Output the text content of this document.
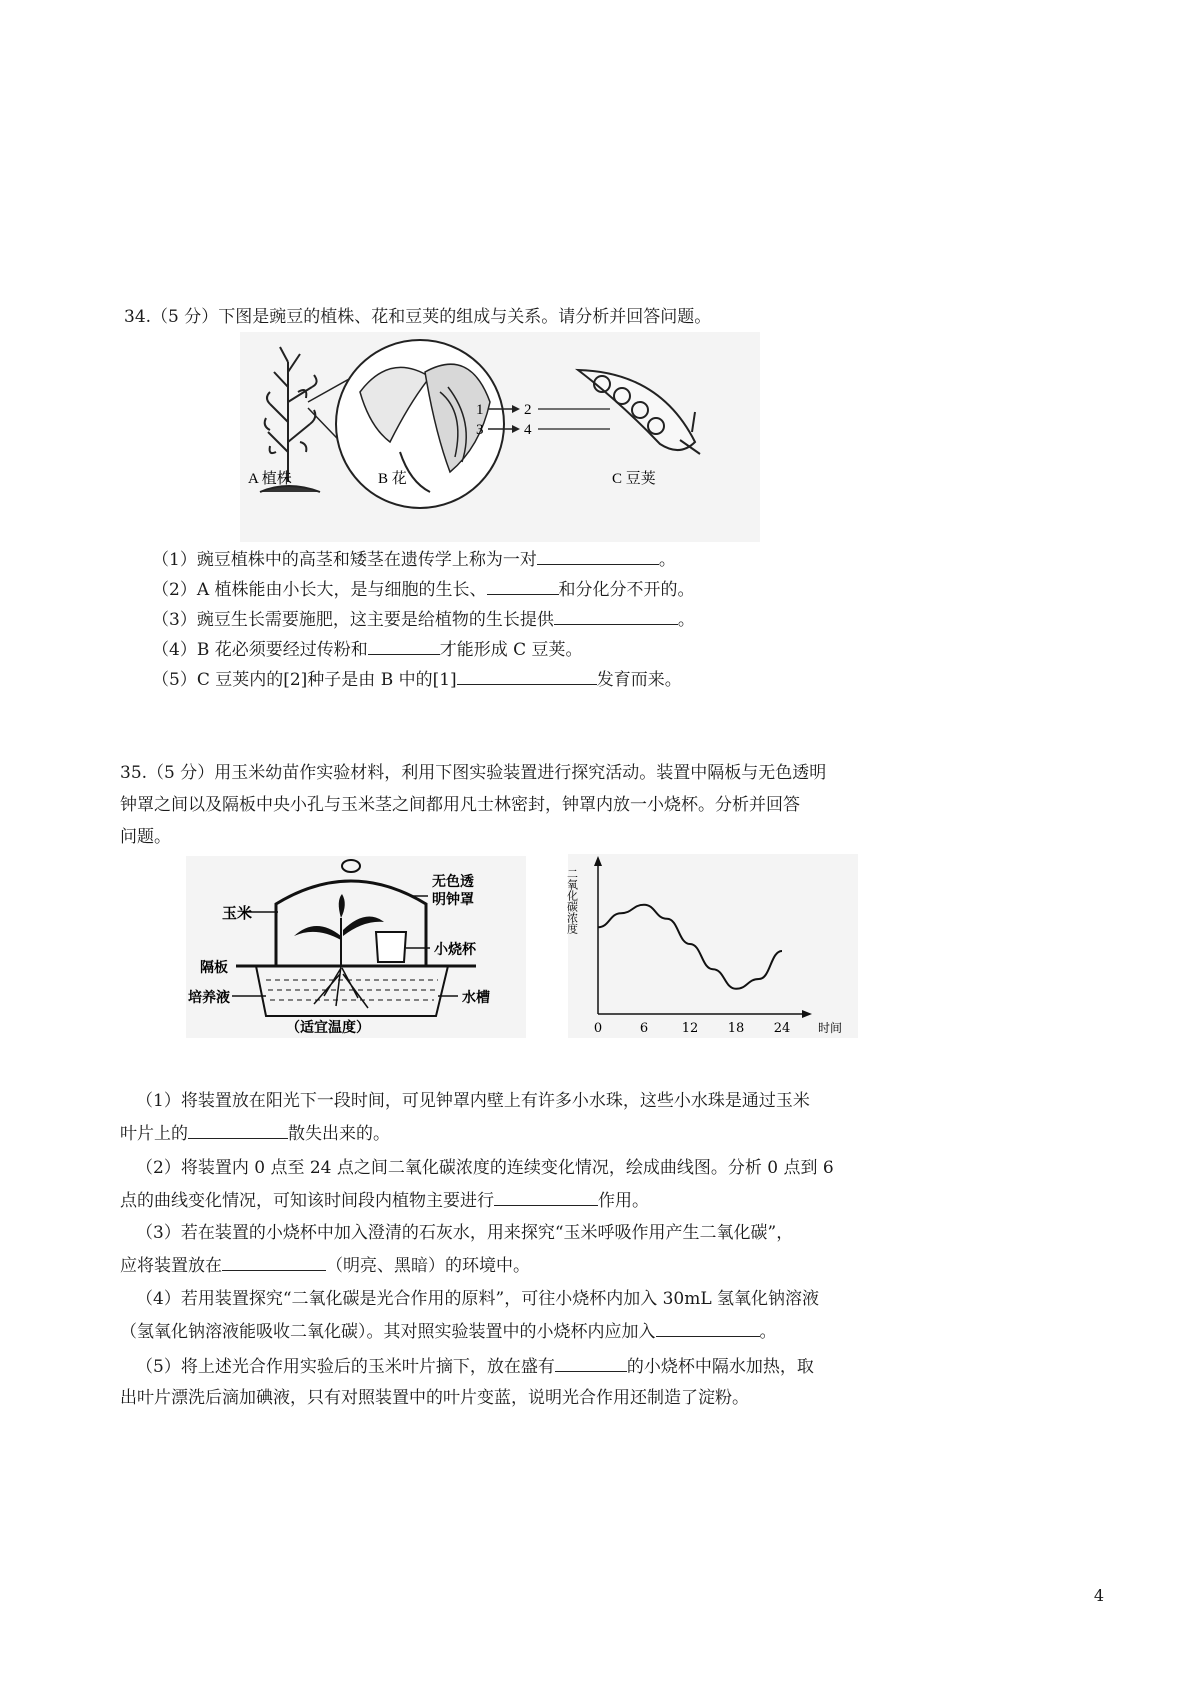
34.（5 分）下图是豌豆的植株、花和豆荚的组成与关系。请分析并回答问题。
1	2
3	4
A 植株	B 花	C 豆荚
（1）豌豆植株中的高茎和矮茎在遗传学上称为一对	。
（2）A 植株能由小长大，是与细胞的生长、	和分化分不开的。
（3）豌豆生长需要施肥，这主要是给植物的生长提供	。
（4）B 花必须要经过传粉和	才能形成 C 豆荚。
（5）C 豆荚内的[2]种子是由 B 中的[1]	发育而来。
35.（5 分）用玉米幼苗作实验材料，利用下图实验装置进行探究活动。装置中隔板与无色透明
钟罩之间以及隔板中央小孔与玉米茎之间都用凡士林密封，钟罩内放一小烧杯。分析并回答
问题。
玉米
无色透
明钟罩
小烧杯
隔板
培养液	水槽
（适宜温度）
二氧化碳浓度
时间
0	6	12 18 24
（1）将装置放在阳光下一段时间，可见钟罩内壁上有许多小水珠，这些小水珠是通过玉米
叶片上的	散失出来的。
（2）将装置内 0 点至 24 点之间二氧化碳浓度的连续变化情况，绘成曲线图。分析 0 点到 6
点的曲线变化情况，可知该时间段内植物主要进行	作用。
（3）若在装置的小烧杯中加入澄清的石灰水，用来探究“玉米呼吸作用产生二氧化碳”，
应将装置放在	（明亮、黑暗）的环境中。
（4）若用装置探究“二氧化碳是光合作用的原料”，可往小烧杯内加入 30mL 氢氧化钠溶液
（氢氧化钠溶液能吸收二氧化碳）。其对照实验装置中的小烧杯内应加入	。
（5）将上述光合作用实验后的玉米叶片摘下，放在盛有	的小烧杯中隔水加热，取
出叶片漂洗后滴加碘液，只有对照装置中的叶片变蓝，说明光合作用还制造了淀粉。
4
